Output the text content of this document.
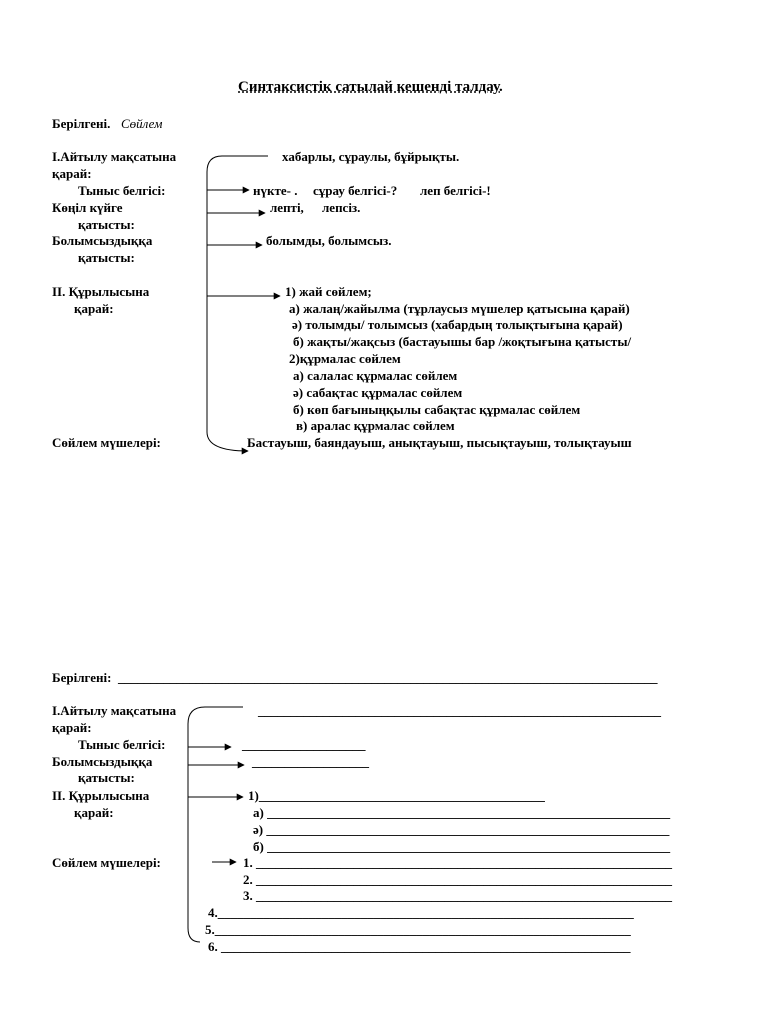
Синтаксистік сатылай кешенді талдау.
Берілгені. Сөйлем
І.Айтылу мақсатына
қарай:
хабарлы, сұраулы, бұйрықты.
Тыныс белгісі:	нүкте- . сұрау белгісі-? леп белгісі-!
Көңіл күйге
қатысты:
лепті, лепсіз.
Болымсыздыққа
қатысты:
болымды, болымсыз.
ІІ. Құрылысына
қарай:
1) жай сөйлем;
а) жалаң/жайылма (тұрлаусыз мүшелер қатысына қарай)
ә) толымды/ толымсыз (хабардың толықтығына қарай)
б) жақты/жақсыз (бастауышы бар /жоқтығына қатысты/
2)құрмалас сөйлем
а) салалас құрмалас сөйлем
ә) сабақтас құрмалас сөйлем
б) көп бағыныңқылы сабақтас құрмалас сөйлем
в) аралас құрмалас сөйлем
Сөйлем мүшелері:	Бастауыш, баяндауыш, анықтауыш, пысықтауыш, толықтауыш
Берілгені: ___________________________________________________________________________________
І.Айтылу мақсатына
қарай:
______________________________________________________________
Тыныс белгісі:	___________________
Болымсыздыққа
қатысты:
__________________
ІІ. Құрылысына
қарай:
1)____________________________________________
а) ______________________________________________________________
ә) ______________________________________________________________
б) ______________________________________________________________
Сөйлем мүшелері:	1. ________________________________________________________________
2. ________________________________________________________________
3. ________________________________________________________________
4.________________________________________________________________
5.________________________________________________________________
6. _______________________________________________________________
